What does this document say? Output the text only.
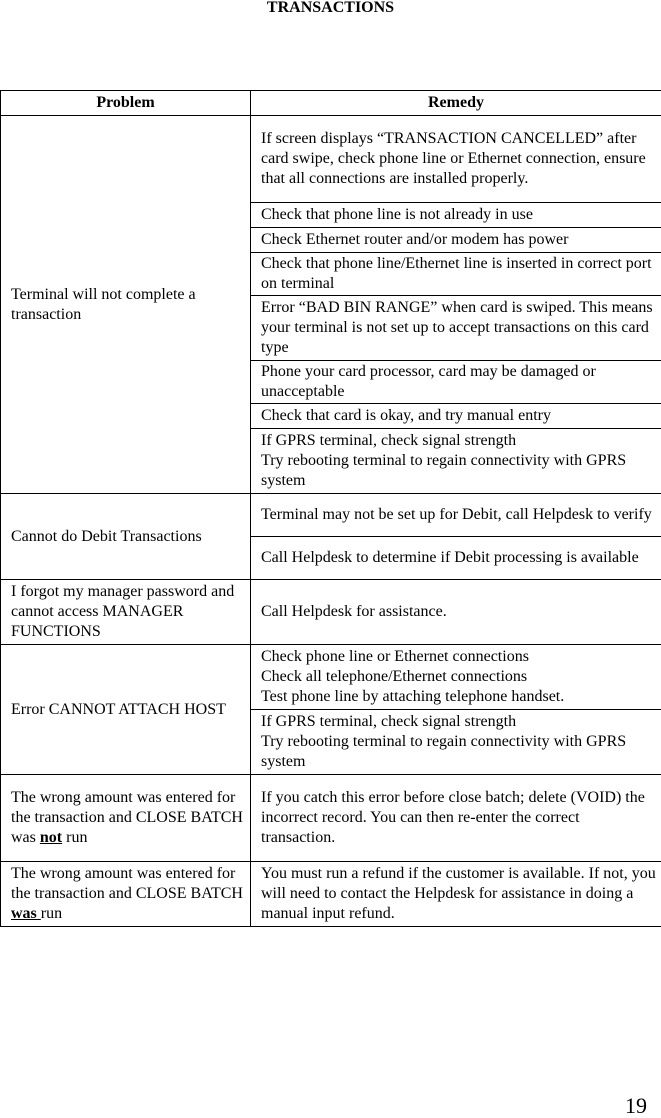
TRANSACTIONS
Problem	Remedy
Terminal will not complete a transaction	If screen displays “TRANSACTION CANCELLED” after card swipe, check phone line or Ethernet connection, ensure that all connections are installed properly.
	Check that phone line is not already in use
	Check Ethernet router and/or modem has power
	Check that phone line/Ethernet line is inserted in correct port on terminal
	Error “BAD BIN RANGE” when card is swiped. This means your terminal is not set up to accept transactions on this card type
	Phone your card processor, card may be damaged or unacceptable
	Check that card is okay, and try manual entry

	If GPRS terminal, check signal strength
Try rebooting terminal to regain connectivity with GPRS system

Cannot do Debit Transactions	Terminal may not be set up for Debit, call Helpdesk to verify
	Call Helpdesk to determine if Debit processing is available
I forgot my manager password and cannot access MANAGER FUNCTIONS	Call Helpdesk for assistance.
Error CANNOT ATTACH HOST	Check phone line or Ethernet connections
Check all telephone/Ethernet connections
Test phone line by attaching telephone handset.

	If GPRS terminal, check signal strength
Try rebooting terminal to regain connectivity with GPRS system

The wrong amount was entered for the transaction and CLOSE BATCH was not run	If you catch this error before close batch; delete (VOID) the incorrect record. You can then re-enter the correct transaction.
The wrong amount was entered for the transaction and CLOSE BATCH was run	You must run a refund if the customer is available. If not, you will need to contact the Helpdesk for assistance in doing a manual input refund.
19
